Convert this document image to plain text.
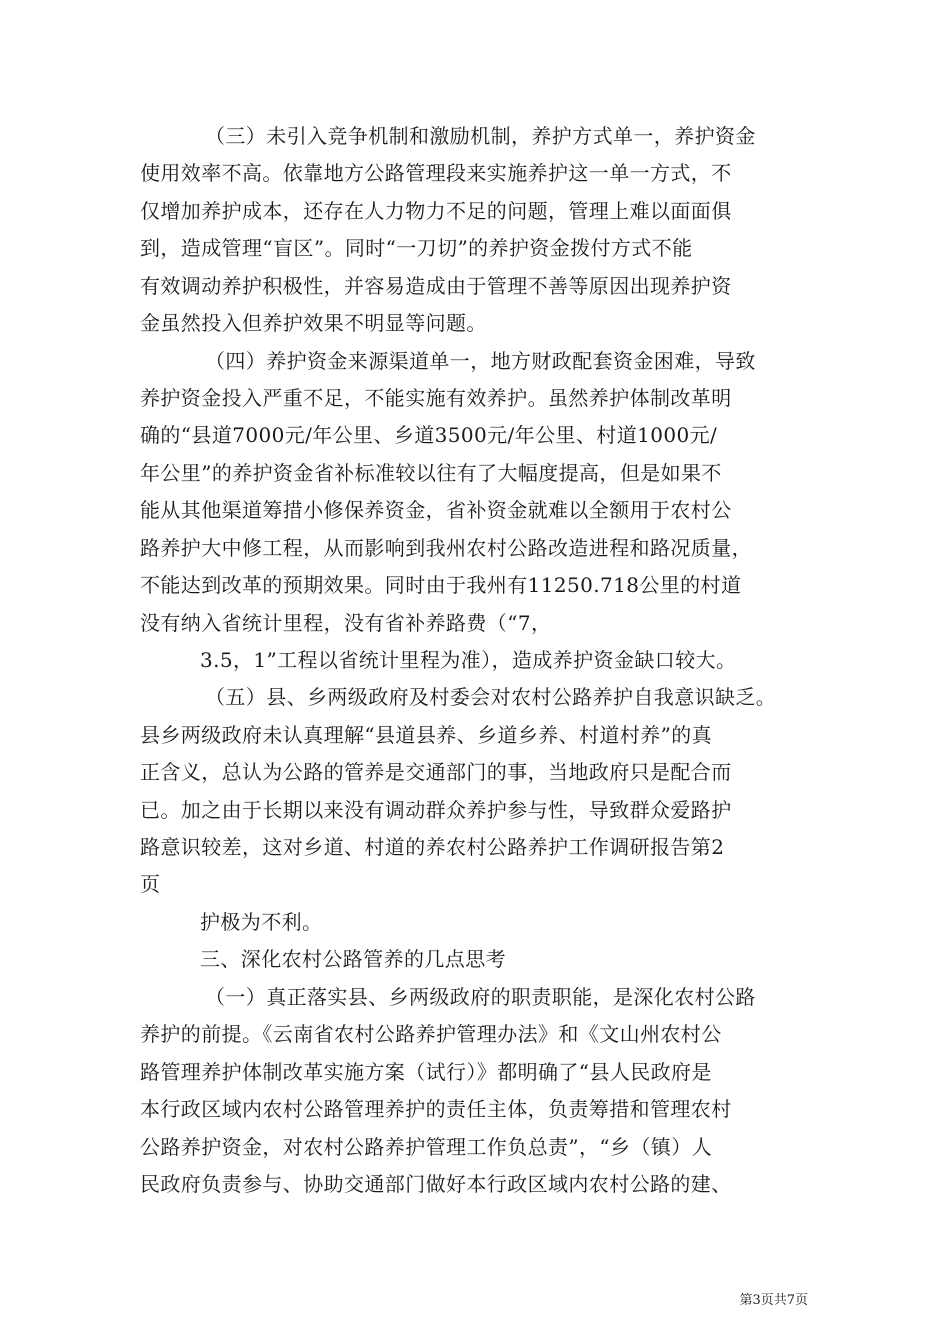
（三）未引入竞争机制和激励机制，养护方式单一，养护资金
使用效率不高。依靠地方公路管理段来实施养护这一单一方式，不
仅增加养护成本，还存在人力物力不足的问题，管理上难以面面俱
到，造成管理“盲区”。同时“一刀切”的养护资金拨付方式不能
有效调动养护积极性，并容易造成由于管理不善等原因出现养护资
金虽然投入但养护效果不明显等问题。
（四）养护资金来源渠道单一，地方财政配套资金困难，导致
养护资金投入严重不足，不能实施有效养护。虽然养护体制改革明
确的“县道7000元/年公里、乡道3500元/年公里、村道1000元/
年公里”的养护资金省补标准较以往有了大幅度提高，但是如果不
能从其他渠道筹措小修保养资金，省补资金就难以全额用于农村公
路养护大中修工程，从而影响到我州农村公路改造进程和路况质量，
不能达到改革的预期效果。同时由于我州有11250.718公里的村道
没有纳入省统计里程，没有省补养路费（“7，
3.5，1”工程以省统计里程为准），造成养护资金缺口较大。
（五）县、乡两级政府及村委会对农村公路养护自我意识缺乏。
县乡两级政府未认真理解“县道县养、乡道乡养、村道村养”的真
正含义，总认为公路的管养是交通部门的事，当地政府只是配合而
已。加之由于长期以来没有调动群众养护参与性，导致群众爱路护
路意识较差，这对乡道、村道的养农村公路养护工作调研报告第2
页
护极为不利。
三、深化农村公路管养的几点思考
（一）真正落实县、乡两级政府的职责职能，是深化农村公路
养护的前提。《云南省农村公路养护管理办法》和《文山州农村公
路管理养护体制改革实施方案（试行）》都明确了“县人民政府是
本行政区域内农村公路管理养护的责任主体，负责筹措和管理农村
公路养护资金，对农村公路养护管理工作负总责”，“乡（镇）人
民政府负责参与、协助交通部门做好本行政区域内农村公路的建、
第3页共7页
